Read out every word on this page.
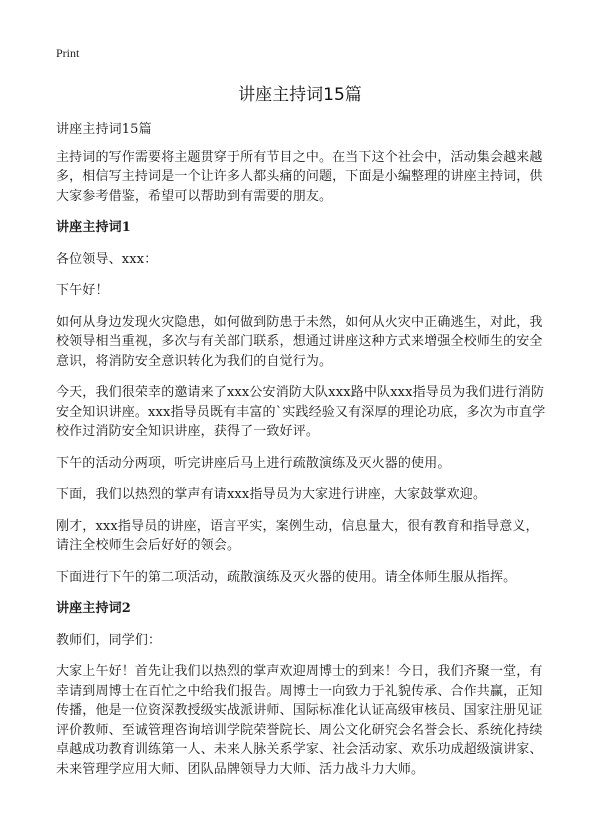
Print
讲座主持词15篇

讲座主持词15篇

主持词的写作需要将主题贯穿于所有节目之中。在当下这个社会中，活动集会越来越多，相信写主持词是一个让许多人都头痛的问题，下面是小编整理的讲座主持词，供大家参考借鉴，希望可以帮助到有需要的朋友。

讲座主持词1

各位领导、xxx：

下午好！

如何从身边发现火灾隐患，如何做到防患于未然，如何从火灾中正确逃生，对此，我校领导相当重视，多次与有关部门联系，想通过讲座这种方式来增强全校师生的安全意识，将消防安全意识转化为我们的自觉行为。

今天，我们很荣幸的邀请来了xxx公安消防大队xxx路中队xxx指导员为我们进行消防安全知识讲座。xxx指导员既有丰富的`实践经验又有深厚的理论功底，多次为市直学校作过消防安全知识讲座，获得了一致好评。

下午的活动分两项，听完讲座后马上进行疏散演练及灭火器的使用。

下面，我们以热烈的掌声有请xxx指导员为大家进行讲座，大家鼓掌欢迎。

刚才，xxx指导员的讲座，语言平实，案例生动，信息量大，很有教育和指导意义，请注全校师生会后好好的领会。

下面进行下午的第二项活动，疏散演练及灭火器的使用。请全体师生服从指挥。

讲座主持词2

教师们，同学们：

大家上午好！首先让我们以热烈的掌声欢迎周博士的到来！今日，我们齐聚一堂，有幸请到周博士在百忙之中给我们报告。周博士一向致力于礼貌传承、合作共赢，正知传播，他是一位资深教授级实战派讲师、国际标准化认证高级审核员、国家注册见证评价教师、至诚管理咨询培训学院荣誉院长、周公文化研究会名誉会长、系统化持续卓越成功教育训练第一人、未来人脉关系学家、社会活动家、欢乐功成超级演讲家、未来管理学应用大师、团队品牌领导力大师、活力战斗力大师。
